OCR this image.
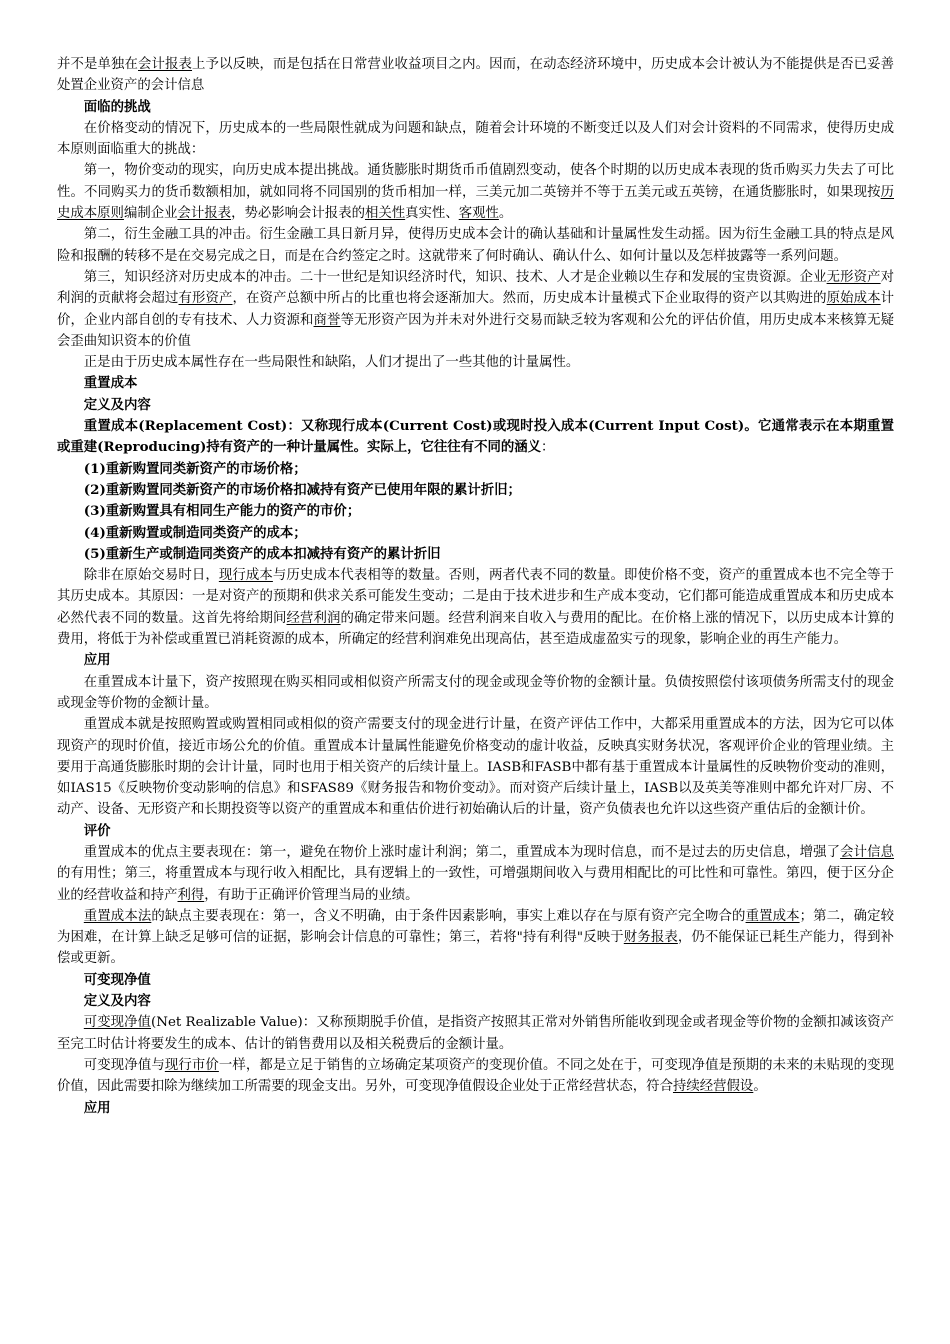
并不是单独在会计报表上予以反映，而是包括在日常营业收益项目之内。因而，在动态经济环境中，历史成本会计被认为不能提供是否已妥善处置企业资产的会计信息

面临的挑战

在价格变动的情况下，历史成本的一些局限性就成为问题和缺点，随着会计环境的不断变迁以及人们对会计资料的不同需求，使得历史成本原则面临重大的挑战：

第一，物价变动的现实，向历史成本提出挑战。通货膨胀时期货币币值剧烈变动，使各个时期的以历史成本表现的货币购买力失去了可比性。不同购买力的货币数额相加，就如同将不同国别的货币相加一样，三美元加二英镑并不等于五美元或五英镑，在通货膨胀时，如果现按历史成本原则编制企业会计报表，势必影响会计报表的相关性真实性、客观性。

第二，衍生金融工具的冲击。衍生金融工具日新月异，使得历史成本会计的确认基础和计量属性发生动摇。因为衍生金融工具的特点是风险和报酬的转移不是在交易完成之日，而是在合约签定之时。这就带来了何时确认、确认什么、如何计量以及怎样披露等一系列问题。

第三，知识经济对历史成本的冲击。二十一世纪是知识经济时代，知识、技术、人才是企业赖以生存和发展的宝贵资源。企业无形资产对利润的贡献将会超过有形资产，在资产总额中所占的比重也将会逐渐加大。然而，历史成本计量模式下企业取得的资产以其购进的原始成本计价，企业内部自创的专有技术、人力资源和商誉等无形资产因为并未对外进行交易而缺乏较为客观和公允的评估价值，用历史成本来核算无疑会歪曲知识资本的价值

正是由于历史成本属性存在一些局限性和缺陷，人们才提出了一些其他的计量属性。

重置成本

定义及内容

重置成本(Replacement Cost)：又称现行成本(Current Cost)或现时投入成本(Current Input Cost)。它通常表示在本期重置或重建(Reproducing)持有资产的一种计量属性。实际上，它往往有不同的涵义：

(1)重新购置同类新资产的市场价格；

(2)重新购置同类新资产的市场价格扣减持有资产已使用年限的累计折旧；

(3)重新购置具有相同生产能力的资产的市价；

(4)重新购置或制造同类资产的成本；

(5)重新生产或制造同类资产的成本扣减持有资产的累计折旧

除非在原始交易时日，现行成本与历史成本代表相等的数量。否则，两者代表不同的数量。即使价格不变，资产的重置成本也不完全等于其历史成本。其原因：一是对资产的预期和供求关系可能发生变动；二是由于技术进步和生产成本变动，它们都可能造成重置成本和历史成本必然代表不同的数量。这首先将给期间经营利润的确定带来问题。经营利润来自收入与费用的配比。在价格上涨的情况下，以历史成本计算的费用，将低于为补偿或重置已消耗资源的成本，所确定的经营利润难免出现高估，甚至造成虚盈实亏的现象，影响企业的再生产能力。

应用

在重置成本计量下，资产按照现在购买相同或相似资产所需支付的现金或现金等价物的金额计量。负债按照偿付该项债务所需支付的现金或现金等价物的金额计量。

重置成本就是按照购置或购置相同或相似的资产需要支付的现金进行计量，在资产评估工作中，大都采用重置成本的方法，因为它可以体现资产的现时价值，接近市场公允的价值。重置成本计量属性能避免价格变动的虚计收益，反映真实财务状况，客观评价企业的管理业绩。主要用于高通货膨胀时期的会计计量，同时也用于相关资产的后续计量上。IASB和FASB中都有基于重置成本计量属性的反映物价变动的准则，如IAS15《反映物价变动影响的信息》和SFAS89《财务报告和物价变动》。而对资产后续计量上，IASB以及英美等准则中都允许对厂房、不动产、设备、无形资产和长期投资等以资产的重置成本和重估价进行初始确认后的计量，资产负债表也允许以这些资产重估后的金额计价。

评价

重置成本的优点主要表现在：第一，避免在物价上涨时虚计利润；第二，重置成本为现时信息，而不是过去的历史信息，增强了会计信息的有用性；第三，将重置成本与现行收入相配比，具有逻辑上的一致性，可增强期间收入与费用相配比的可比性和可靠性。第四，便于区分企业的经营收益和持产利得，有助于正确评价管理当局的业绩。

重置成本法的缺点主要表现在：第一，含义不明确，由于条件因素影响，事实上难以存在与原有资产完全吻合的重置成本；第二，确定较为困难，在计算上缺乏足够可信的证据，影响会计信息的可靠性；第三，若将"持有利得"反映于财务报表，仍不能保证已耗生产能力，得到补偿或更新。

可变现净值

定义及内容

可变现净值(Net Realizable Value)：又称预期脱手价值，是指资产按照其正常对外销售所能收到现金或者现金等价物的金额扣减该资产至完工时估计将要发生的成本、估计的销售费用以及相关税费后的金额计量。

可变现净值与现行市价一样，都是立足于销售的立场确定某项资产的变现价值。不同之处在于，可变现净值是预期的未来的未贴现的变现价值，因此需要扣除为继续加工所需要的现金支出。另外，可变现净值假设企业处于正常经营状态，符合持续经营假设。

应用
